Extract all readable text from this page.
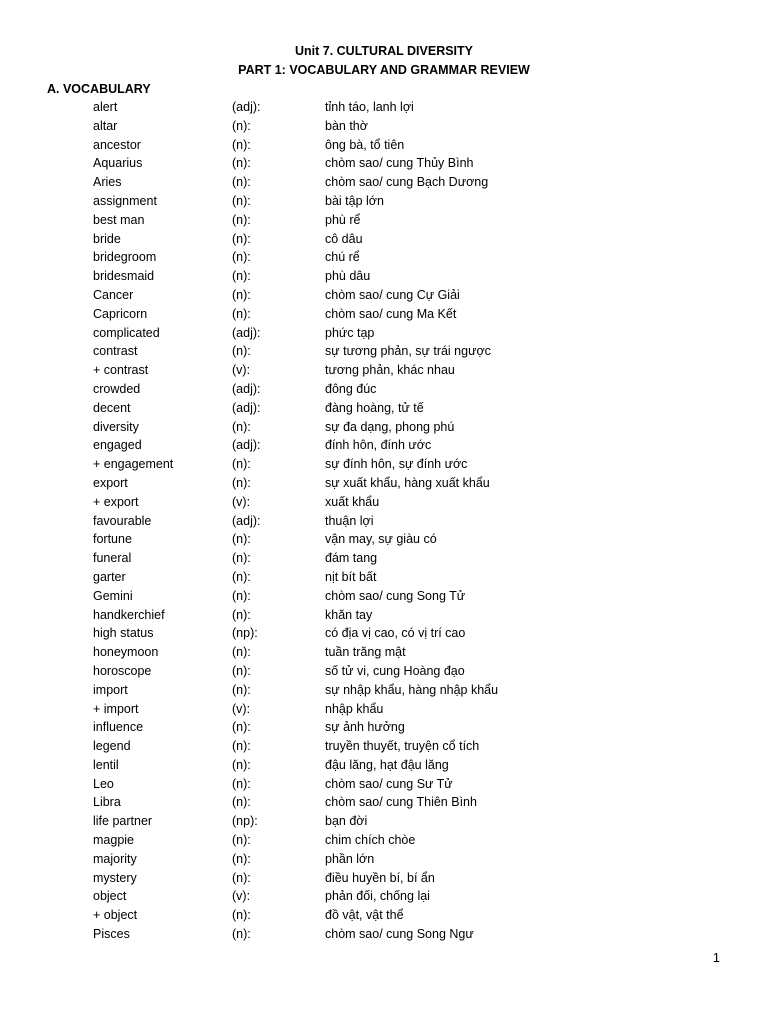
Unit 7. CULTURAL DIVERSITY
PART 1: VOCABULARY AND GRAMMAR REVIEW
A. VOCABULARY
alert	(adj):	tỉnh táo, lanh lợi
altar	(n):	bàn thờ
ancestor	(n):	ông bà, tổ tiên
Aquarius	(n):	chòm sao/ cung Thủy Bình
Aries	(n):	chòm sao/ cung Bạch Dương
assignment	(n):	bài tập lớn
best man	(n):	phù rể
bride	(n):	cô dâu
bridegroom	(n):	chú rể
bridesmaid	(n):	phù dâu
Cancer	(n):	chòm sao/ cung Cự Giải
Capricorn	(n):	chòm sao/ cung Ma Kết
complicated	(adj):	phức tạp
contrast	(n):	sự tương phản, sự trái ngược
+ contrast	(v):	tương phản, khác nhau
crowded	(adj):	đông đúc
decent	(adj):	đàng hoàng, tử tế
diversity	(n):	sự đa dạng, phong phú
engaged	(adj):	đính hôn, đính ước
+ engagement	(n):	sự đính hôn, sự đính ước
export	(n):	sự xuất khẩu, hàng xuất khẩu
+ export	(v):	xuất khẩu
favourable	(adj):	thuận lợi
fortune	(n):	vận may, sự giàu có
funeral	(n):	đám tang
garter	(n):	nịt bít bất
Gemini	(n):	chòm sao/ cung Song Tử
handkerchief	(n):	khăn tay
high status	(np):	có địa vị cao, có vị trí cao
honeymoon	(n):	tuần trăng mật
horoscope	(n):	số tử vi, cung Hoàng đạo
import	(n):	sự nhập khẩu, hàng nhập khẩu
+ import	(v):	nhập khẩu
influence	(n):	sự ảnh hưởng
legend	(n):	truyền thuyết, truyện cổ tích
lentil	(n):	đậu lăng, hạt đậu lăng
Leo	(n):	chòm sao/ cung Sư Tử
Libra	(n):	chòm sao/ cung Thiên Bình
life partner	(np):	bạn đời
magpie	(n):	chim chích chòe
majority	(n):	phần lớn
mystery	(n):	điều huyền bí, bí ẩn
object	(v):	phản đối, chống lại
+ object	(n):	đồ vật, vật thể
Pisces	(n):	chòm sao/ cung Song Ngư
1
